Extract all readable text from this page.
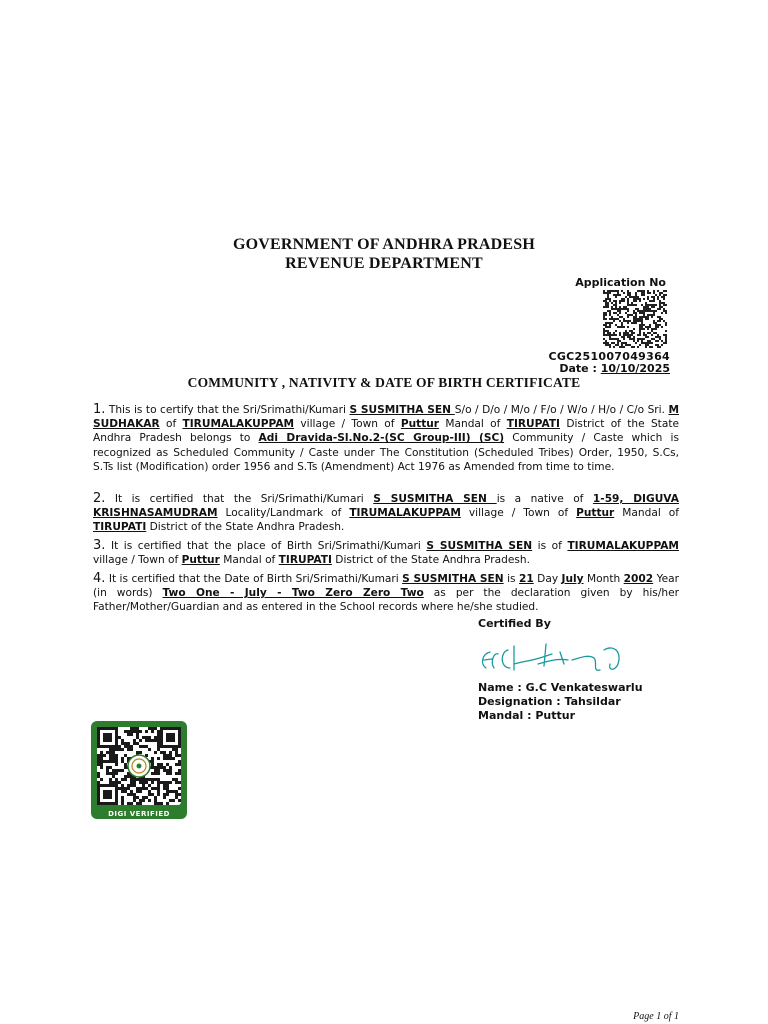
GOVERNMENT OF ANDHRA PRADESH
REVENUE DEPARTMENT
Application No
CGC251007049364
Date : 10/10/2025
COMMUNITY , NATIVITY & DATE OF BIRTH CERTIFICATE
1. This is to certify that the Sri/Srimathi/Kumari S SUSMITHA SEN S/o / D/o / M/o / F/o / W/o / H/o / C/o Sri. M SUDHAKAR of TIRUMALAKUPPAM village / Town of Puttur Mandal of TIRUPATI District of the State Andhra Pradesh belongs to Adi Dravida-Sl.No.2-(SC Group-III) (SC) Community / Caste which is recognized as Scheduled Community / Caste under The Constitution (Scheduled Tribes) Order, 1950, S.Cs, S.Ts list (Modification) order 1956 and S.Ts (Amendment) Act 1976 as Amended from time to time.
2. It is certified that the Sri/Srimathi/Kumari S SUSMITHA SEN is a native of 1-59, DIGUVA KRISHNASAMUDRAM Locality/Landmark of TIRUMALAKUPPAM village / Town of Puttur Mandal of TIRUPATI District of the State Andhra Pradesh.
3. It is certified that the place of Birth Sri/Srimathi/Kumari S SUSMITHA SEN is of TIRUMALAKUPPAM village / Town of Puttur Mandal of TIRUPATI District of the State Andhra Pradesh.
4. It is certified that the Date of Birth Sri/Srimathi/Kumari S SUSMITHA SEN is 21 Day July Month 2002 Year (in words) Two One - July - Two Zero Zero Two as per the declaration given by his/her Father/Mother/Guardian and as entered in the School records where he/she studied.
Certified By
Name : G.C Venkateswarlu
Designation : Tahsildar
Mandal : Puttur
DIGI VERIFIED
Page 1 of 1
